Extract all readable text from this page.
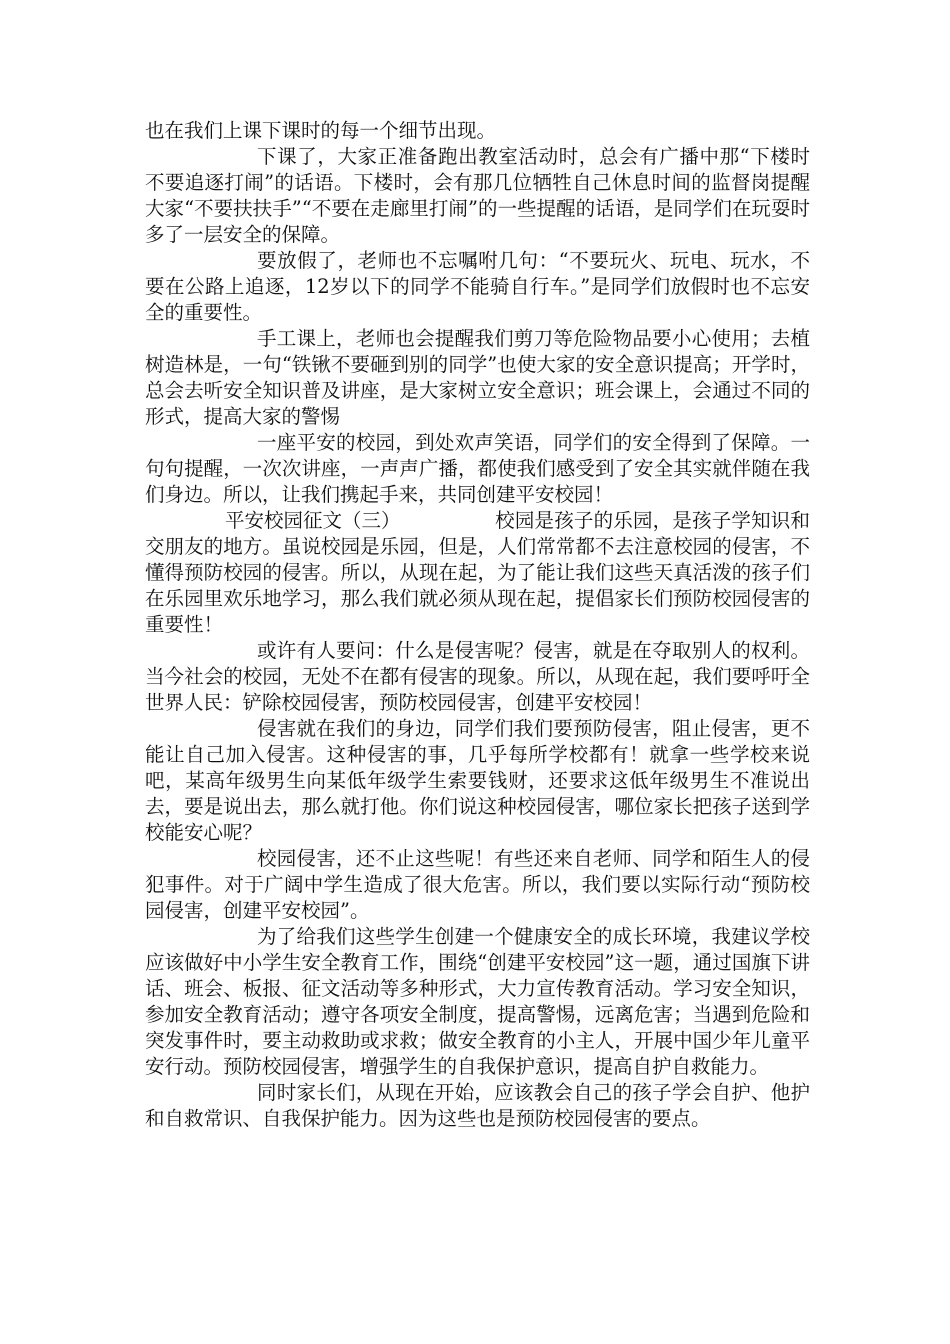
也在我们上课下课时的每一个细节出现。

下课了，大家正准备跑出教室活动时，总会有广播中那“下楼时不要追逐打闹”的话语。下楼时，会有那几位牺牲自己休息时间的监督岗提醒大家“不要扶扶手”“不要在走廊里打闹”的一些提醒的话语，是同学们在玩耍时多了一层安全的保障。

要放假了，老师也不忘嘱咐几句：“不要玩火、玩电、玩水，不要在公路上追逐，12岁以下的同学不能骑自行车。”是同学们放假时也不忘安全的重要性。

手工课上，老师也会提醒我们剪刀等危险物品要小心使用；去植树造林是，一句“铁锹不要砸到别的同学”也使大家的安全意识提高；开学时，总会去听安全知识普及讲座，是大家树立安全意识；班会课上，会通过不同的形式，提高大家的警惕

一座平安的校园，到处欢声笑语，同学们的安全得到了保障。一句句提醒，一次次讲座，一声声广播，都使我们感受到了安全其实就伴随在我们身边。所以，让我们携起手来，共同创建平安校园！

平安校园征文（三）	校园是孩子的乐园，是孩子学知识和交朋友的地方。虽说校园是乐园，但是，人们常常都不去注意校园的侵害，不懂得预防校园的侵害。所以，从现在起，为了能让我们这些天真活泼的孩子们在乐园里欢乐地学习，那么我们就必须从现在起，提倡家长们预防校园侵害的重要性！

或许有人要问：什么是侵害呢？侵害，就是在夺取别人的权利。当今社会的校园，无处不在都有侵害的现象。所以，从现在起，我们要呼吁全世界人民：铲除校园侵害，预防校园侵害，创建平安校园！

侵害就在我们的身边，同学们我们要预防侵害，阻止侵害，更不能让自己加入侵害。这种侵害的事，几乎每所学校都有！就拿一些学校来说吧，某高年级男生向某低年级学生索要钱财，还要求这低年级男生不准说出去，要是说出去，那么就打他。你们说这种校园侵害，哪位家长把孩子送到学校能安心呢？

校园侵害，还不止这些呢！有些还来自老师、同学和陌生人的侵犯事件。对于广阔中学生造成了很大危害。所以，我们要以实际行动“预防校园侵害，创建平安校园”。

为了给我们这些学生创建一个健康安全的成长环境，我建议学校应该做好中小学生安全教育工作，围绕“创建平安校园”这一题，通过国旗下讲话、班会、板报、征文活动等多种形式，大力宣传教育活动。学习安全知识，参加安全教育活动；遵守各项安全制度，提高警惕，远离危害；当遇到危险和突发事件时，要主动救助或求救；做安全教育的小主人，开展中国少年儿童平安行动。预防校园侵害，增强学生的自我保护意识，提高自护自救能力。

同时家长们，从现在开始，应该教会自己的孩子学会自护、他护和自救常识、自我保护能力。因为这些也是预防校园侵害的要点。
